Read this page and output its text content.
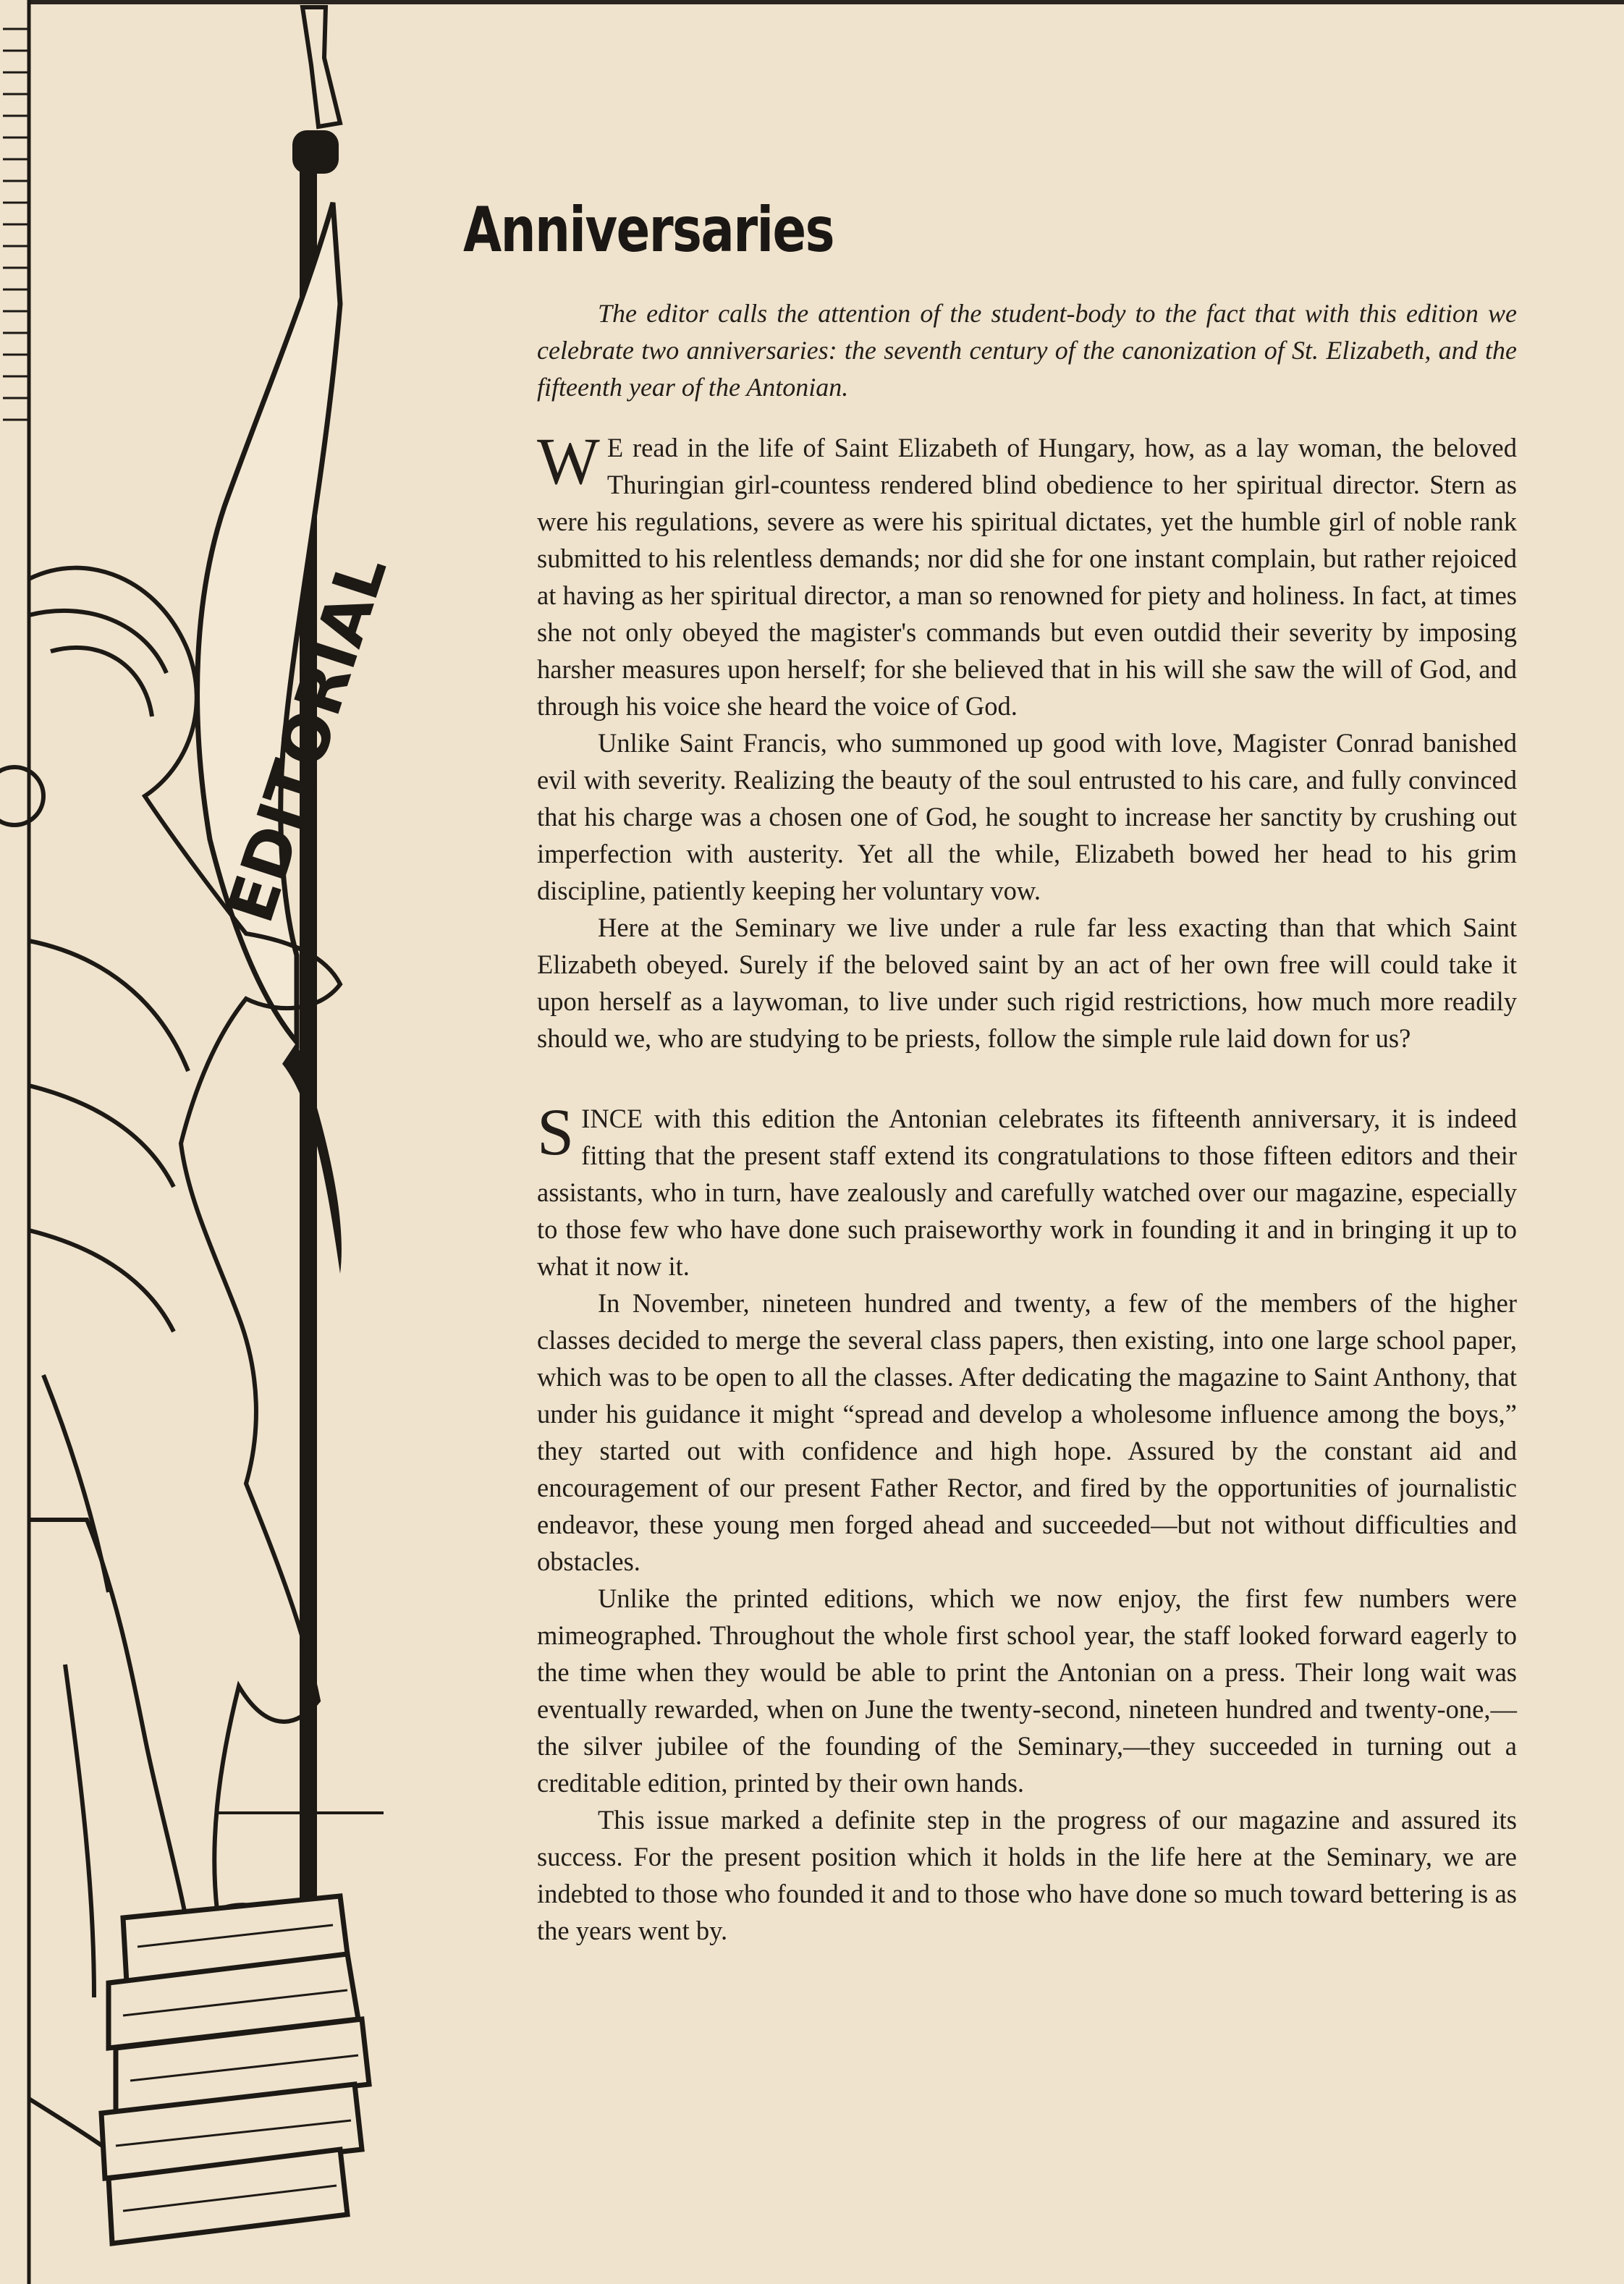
EDITORIAL
Anniversaries

The editor calls the attention of the student-body to the fact that with this edition we celebrate two anniversaries: the seventh century of the canonization of St. Elizabeth, and the fifteenth year of the Antonian.

W E read in the life of Saint Elizabeth of Hungary, how, as a lay woman, the beloved Thuringian girl-countess rendered blind obedience to her spiritual director. Stern as were his regulations, severe as were his spiritual dictates, yet the humble girl of noble rank submitted to his relentless demands; nor did she for one instant complain, but rather rejoiced at having as her spiritual director, a man so renowned for piety and holiness. In fact, at times she not only obeyed the magister's commands but even outdid their severity by imposing harsher measures upon herself; for she believed that in his will she saw the will of God, and through his voice she heard the voice of God.

Unlike Saint Francis, who summoned up good with love, Magister Conrad banished evil with severity. Realizing the beauty of the soul entrusted to his care, and fully convinced that his charge was a chosen one of God, he sought to increase her sanctity by crushing out imperfection with austerity. Yet all the while, Elizabeth bowed her head to his grim discipline, patiently keeping her voluntary vow.

Here at the Seminary we live under a rule far less exacting than that which Saint Elizabeth obeyed. Surely if the beloved saint by an act of her own free will could take it upon herself as a laywoman, to live under such rigid restrictions, how much more readily should we, who are studying to be priests, follow the simple rule laid down for us?

SINCE with this edition the Antonian celebrates its fifteenth anniversary, it is indeed fitting that the present staff extend its congratulations to those fifteen editors and their assistants, who in turn, have zealously and carefully watched over our magazine, especially to those few who have done such praiseworthy work in founding it and in bringing it up to what it now it.

In November, nineteen hundred and twenty, a few of the members of the higher classes decided to merge the several class papers, then existing, into one large school paper, which was to be open to all the classes. After dedicating the magazine to Saint Anthony, that under his guidance it might “spread and develop a wholesome influence among the boys,” they started out with confidence and high hope. Assured by the constant aid and encouragement of our present Father Rector, and fired by the opportunities of journalistic endeavor, these young men forged ahead and succeeded—but not without difficulties and obstacles.

Unlike the printed editions, which we now enjoy, the first few numbers were mimeographed. Throughout the whole first school year, the staff looked forward eagerly to the time when they would be able to print the Antonian on a press. Their long wait was eventually rewarded, when on June the twenty-second, nineteen hundred and twenty-one,— the silver jubilee of the founding of the Seminary,—they succeeded in turning out a creditable edition, printed by their own hands.

This issue marked a definite step in the progress of our magazine and assured its success. For the present position which it holds in the life here at the Seminary, we are indebted to those who founded it and to those who have done so much toward bettering is as the years went by.
